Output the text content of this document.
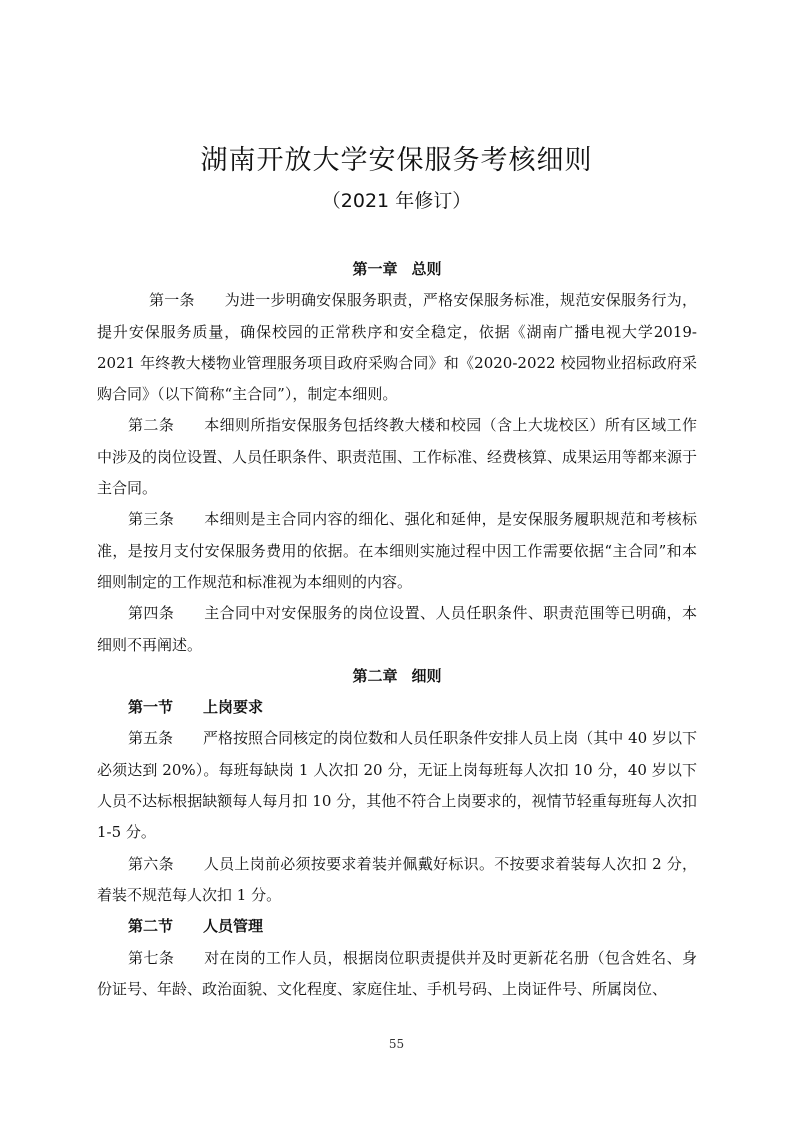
湖南开放大学安保服务考核细则
（2021 年修订）

第一章 总则

第一条 为进一步明确安保服务职责，严格安保服务标准，规范安保服务行为，提升安保服务质量，确保校园的正常秩序和安全稳定，依据《湖南广播电视大学2019-2021 年终教大楼物业管理服务项目政府采购合同》和《2020-2022 校园物业招标政府采购合同》（以下简称“主合同”），制定本细则。

第二条 本细则所指安保服务包括终教大楼和校园（含上大垅校区）所有区域工作中涉及的岗位设置、人员任职条件、职责范围、工作标准、经费核算、成果运用等都来源于主合同。

第三条 本细则是主合同内容的细化、强化和延伸，是安保服务履职规范和考核标准，是按月支付安保服务费用的依据。在本细则实施过程中因工作需要依据“主合同”和本细则制定的工作规范和标准视为本细则的内容。

第四条 主合同中对安保服务的岗位设置、人员任职条件、职责范围等已明确，本细则不再阐述。

第二章 细则

第一节 上岗要求

第五条 严格按照合同核定的岗位数和人员任职条件安排人员上岗（其中 40 岁以下必须达到 20%）。每班每缺岗 1 人次扣 20 分，无证上岗每班每人次扣 10 分，40 岁以下人员不达标根据缺额每人每月扣 10 分，其他不符合上岗要求的，视情节轻重每班每人次扣 1-5 分。

第六条 人员上岗前必须按要求着装并佩戴好标识。不按要求着装每人次扣 2 分，着装不规范每人次扣 1 分。

第二节 人员管理

第七条 对在岗的工作人员，根据岗位职责提供并及时更新花名册（包含姓名、身份证号、年龄、政治面貌、文化程度、家庭住址、手机号码、上岗证件号、所属岗位、

55
